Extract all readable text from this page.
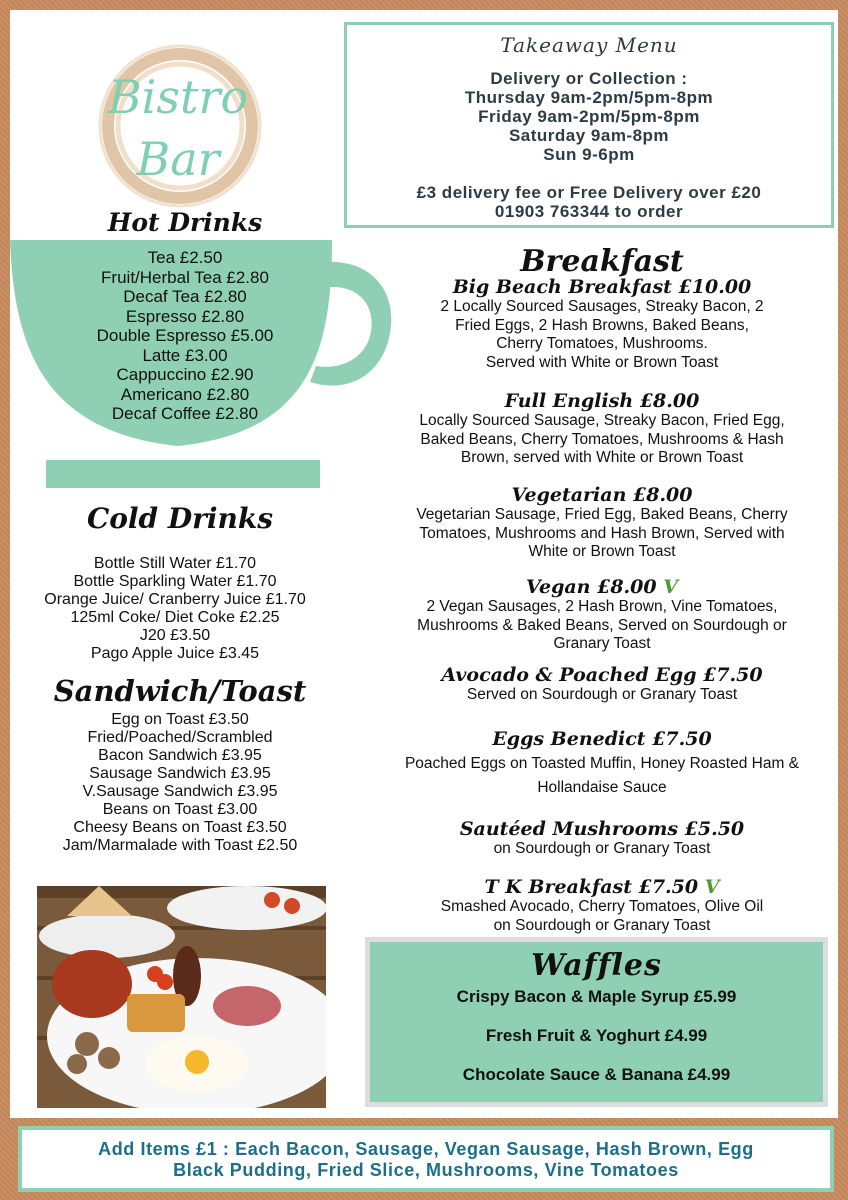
Bistro
Bar
Takeaway Menu
Delivery or Collection :
Thursday 9am-2pm/5pm-8pm
Friday 9am-2pm/5pm-8pm
Saturday 9am-8pm
Sun 9-6pm
£3 delivery fee or Free Delivery over £20
01903 763344 to order
Hot Drinks
Tea £2.50
Fruit/Herbal Tea £2.80
Decaf Tea £2.80
Espresso £2.80
Double Espresso £5.00
Latte £3.00
Cappuccino £2.90
Americano £2.80
Decaf Coffee £2.80
Cold Drinks
Bottle Still Water £1.70
Bottle Sparkling Water £1.70
Orange Juice/ Cranberry Juice £1.70
125ml Coke/ Diet Coke £2.25
J20 £3.50
Pago Apple Juice £3.45
Sandwich/Toast
Egg on Toast £3.50
Fried/Poached/Scrambled
Bacon Sandwich £3.95
Sausage Sandwich £3.95
V.Sausage Sandwich £3.95
Beans on Toast £3.00
Cheesy Beans on Toast £3.50
Jam/Marmalade with Toast £2.50
Breakfast
Big Beach Breakfast £10.00
2 Locally Sourced Sausages, Streaky Bacon, 2
Fried Eggs, 2 Hash Browns, Baked Beans,
Cherry Tomatoes, Mushrooms.
Served with White or Brown Toast
Full English £8.00
Locally Sourced Sausage, Streaky Bacon, Fried Egg,
Baked Beans, Cherry Tomatoes, Mushrooms & Hash
Brown, served with White or Brown Toast
Vegetarian £8.00
Vegetarian Sausage, Fried Egg, Baked Beans, Cherry
Tomatoes, Mushrooms and Hash Brown, Served with
White or Brown Toast
Vegan £8.00 V
2 Vegan Sausages, 2 Hash Brown, Vine Tomatoes,
Mushrooms & Baked Beans, Served on Sourdough or
Granary Toast
Avocado & Poached Egg £7.50
Served on Sourdough or Granary Toast
Eggs Benedict £7.50
Poached Eggs on Toasted Muffin, Honey Roasted Ham &
Hollandaise Sauce
Sautéed Mushrooms £5.50
on Sourdough or Granary Toast
T K Breakfast £7.50 V
Smashed Avocado, Cherry Tomatoes, Olive Oil
on Sourdough or Granary Toast
Waffles
Crispy Bacon & Maple Syrup £5.99
Fresh Fruit & Yoghurt £4.99
Chocolate Sauce & Banana £4.99
Add Items £1 : Each Bacon, Sausage, Vegan Sausage, Hash Brown, Egg
Black Pudding, Fried Slice, Mushrooms, Vine Tomatoes
